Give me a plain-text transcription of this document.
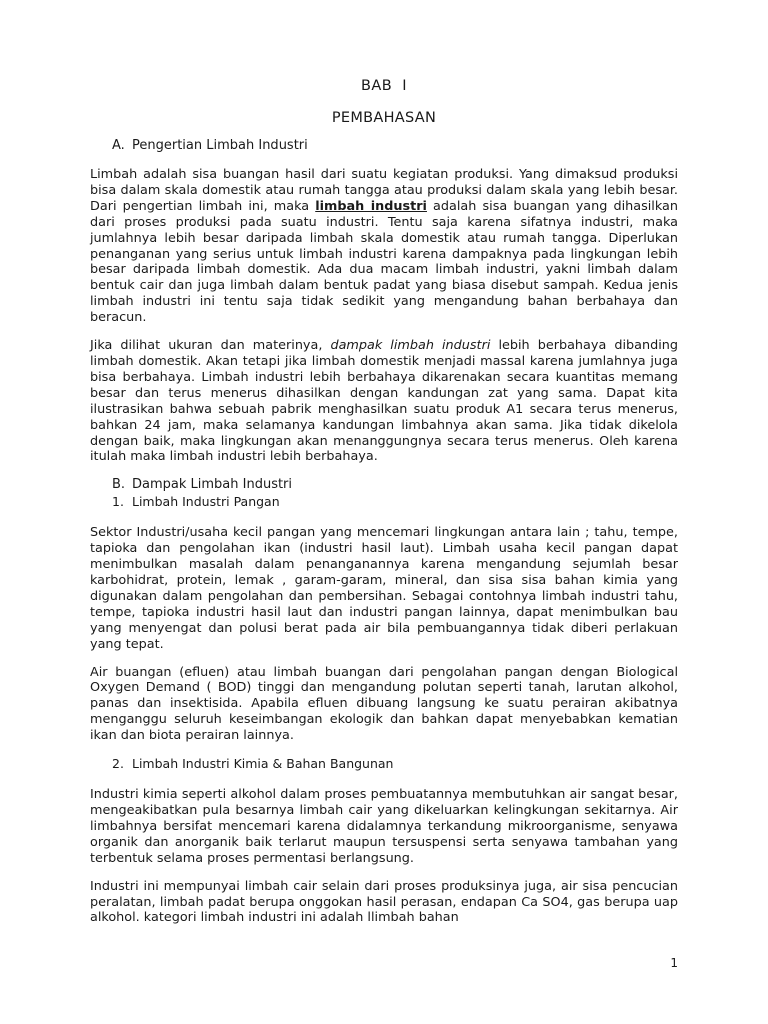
BAB I
PEMBAHASAN
A. Pengertian Limbah Industri

Limbah adalah sisa buangan hasil dari suatu kegiatan produksi. Yang dimaksud produksi bisa dalam skala domestik atau rumah tangga atau produksi dalam skala yang lebih besar. Dari pengertian limbah ini, maka limbah industri adalah sisa buangan yang dihasilkan dari proses produksi pada suatu industri. Tentu saja karena sifatnya industri, maka jumlahnya lebih besar daripada limbah skala domestik atau rumah tangga. Diperlukan penanganan yang serius untuk limbah industri karena dampaknya pada lingkungan lebih besar daripada limbah domestik. Ada dua macam limbah industri, yakni limbah dalam bentuk cair dan juga limbah dalam bentuk padat yang biasa disebut sampah. Kedua jenis limbah industri ini tentu saja tidak sedikit yang mengandung bahan berbahaya dan beracun.

Jika dilihat ukuran dan materinya, dampak limbah industri lebih berbahaya dibanding limbah domestik. Akan tetapi jika limbah domestik menjadi massal karena jumlahnya juga bisa berbahaya. Limbah industri lebih berbahaya dikarenakan secara kuantitas memang besar dan terus menerus dihasilkan dengan kandungan zat yang sama. Dapat kita ilustrasikan bahwa sebuah pabrik menghasilkan suatu produk A1 secara terus menerus, bahkan 24 jam, maka selamanya kandungan limbahnya akan sama. Jika tidak dikelola dengan baik, maka lingkungan akan menanggungnya secara terus menerus. Oleh karena itulah maka limbah industri lebih berbahaya.

B. Dampak Limbah Industri
1. Limbah Industri Pangan

Sektor Industri/usaha kecil pangan yang mencemari lingkungan antara lain ; tahu, tempe, tapioka dan pengolahan ikan (industri hasil laut). Limbah usaha kecil pangan dapat menimbulkan masalah dalam penanganannya karena mengandung sejumlah besar karbohidrat, protein, lemak , garam-garam, mineral, dan sisa sisa bahan kimia yang digunakan dalam pengolahan dan pembersihan. Sebagai contohnya limbah industri tahu, tempe, tapioka industri hasil laut dan industri pangan lainnya, dapat menimbulkan bau yang menyengat dan polusi berat pada air bila pembuangannya tidak diberi perlakuan yang tepat.

Air buangan (efluen) atau limbah buangan dari pengolahan pangan dengan Biological Oxygen Demand ( BOD) tinggi dan mengandung polutan seperti tanah, larutan alkohol, panas dan insektisida. Apabila efluen dibuang langsung ke suatu perairan akibatnya menganggu seluruh keseimbangan ekologik dan bahkan dapat menyebabkan kematian ikan dan biota perairan lainnya.

2. Limbah Industri Kimia & Bahan Bangunan

Industri kimia seperti alkohol dalam proses pembuatannya membutuhkan air sangat besar, mengeakibatkan pula besarnya limbah cair yang dikeluarkan kelingkungan sekitarnya. Air limbahnya bersifat mencemari karena didalamnya terkandung mikroorganisme, senyawa organik dan anorganik baik terlarut maupun tersuspensi serta senyawa tambahan yang terbentuk selama proses permentasi berlangsung.

Industri ini mempunyai limbah cair selain dari proses produksinya juga, air sisa pencucian peralatan, limbah padat berupa onggokan hasil perasan, endapan Ca SO4, gas berupa uap alkohol. kategori limbah industri ini adalah llimbah bahan

1
